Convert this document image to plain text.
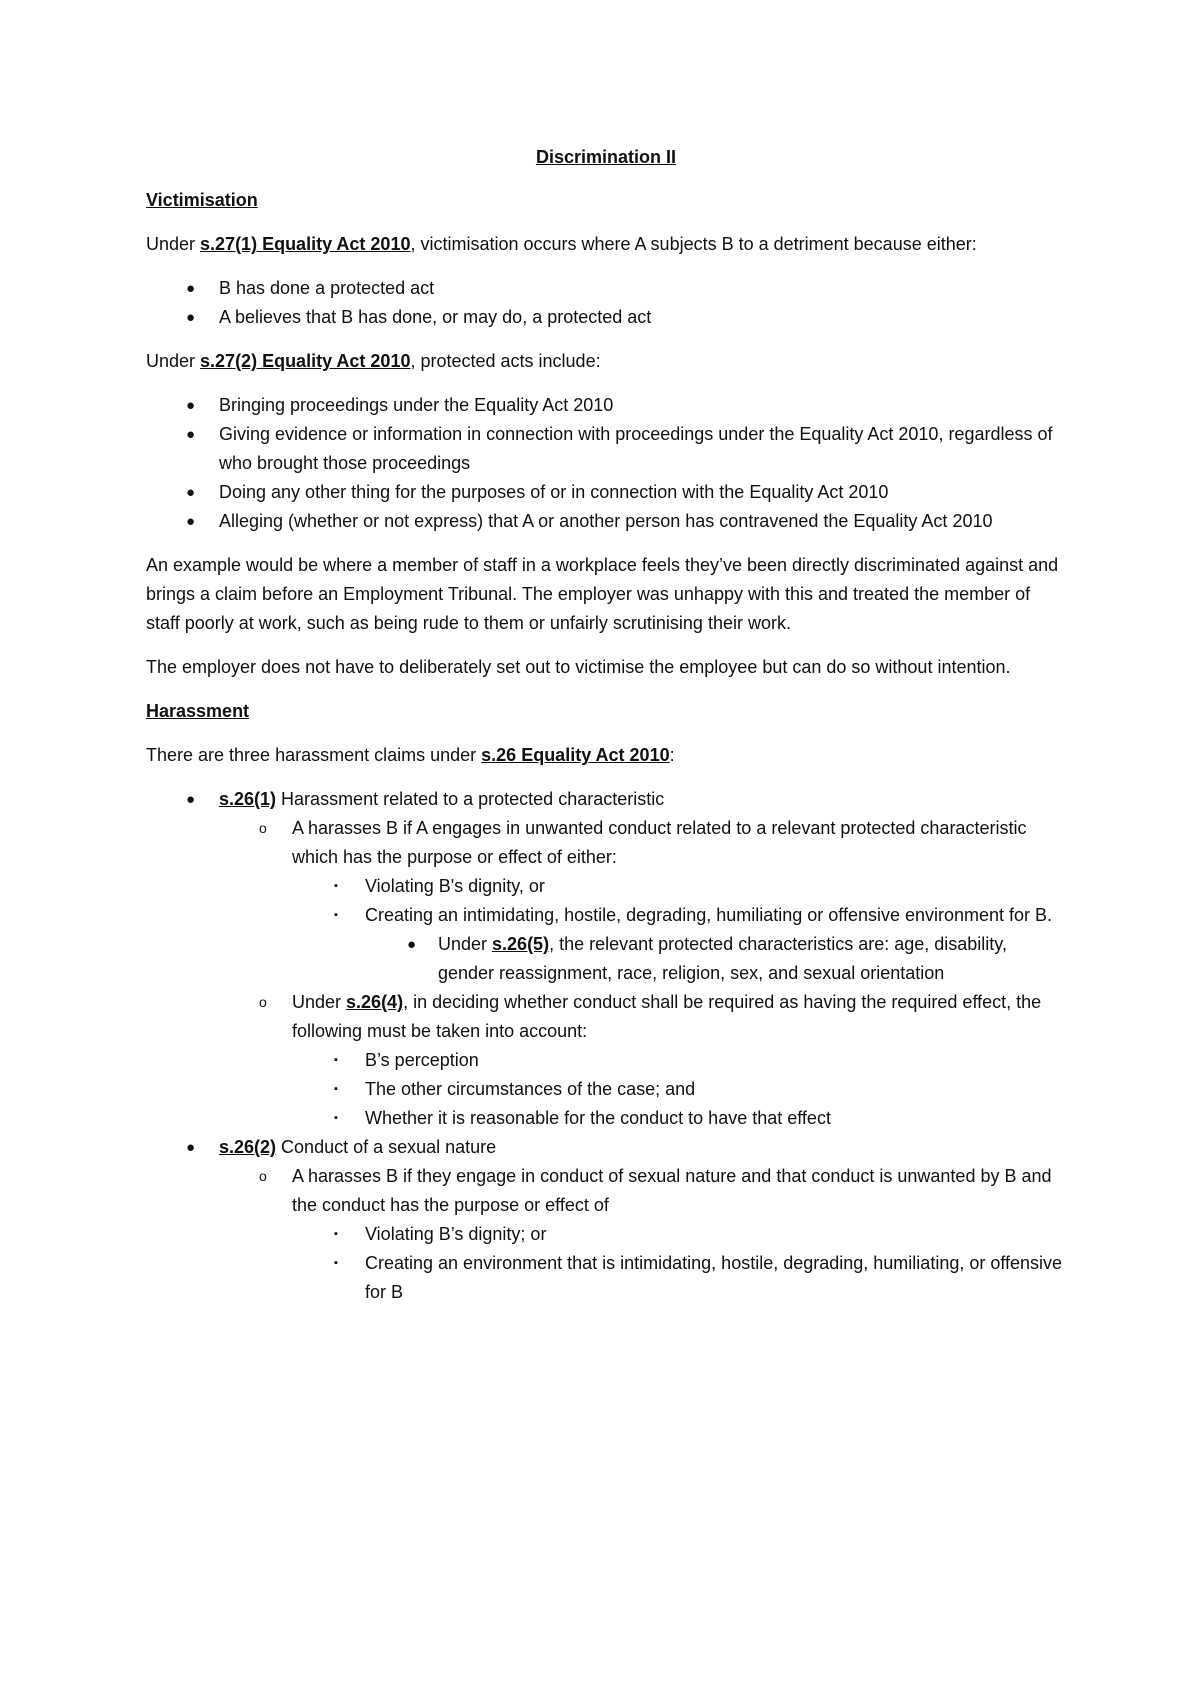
Discrimination II
Victimisation

Under s.27(1) Equality Act 2010, victimisation occurs where A subjects B to a detriment because either:

● B has done a protected act
● A believes that B has done, or may do, a protected act

Under s.27(2) Equality Act 2010, protected acts include:

● Bringing proceedings under the Equality Act 2010
● Giving evidence or information in connection with proceedings under the Equality Act 2010, regardless of who brought those proceedings
● Doing any other thing for the purposes of or in connection with the Equality Act 2010
● Alleging (whether or not express) that A or another person has contravened the Equality Act 2010

An example would be where a member of staff in a workplace feels they’ve been directly discriminated against and brings a claim before an Employment Tribunal. The employer was unhappy with this and treated the member of staff poorly at work, such as being rude to them or unfairly scrutinising their work.

The employer does not have to deliberately set out to victimise the employee but can do so without intention.

Harassment

There are three harassment claims under s.26 Equality Act 2010:

● s.26(1) Harassment related to a protected characteristic
o A harasses B if A engages in unwanted conduct related to a relevant protected characteristic which has the purpose or effect of either:
▪ Violating B's dignity, or
▪ Creating an intimidating, hostile, degrading, humiliating or offensive environment for B.
● Under s.26(5), the relevant protected characteristics are: age, disability, gender reassignment, race, religion, sex, and sexual orientation
o Under s.26(4), in deciding whether conduct shall be required as having the required effect, the following must be taken into account:
▪ B’s perception
▪ The other circumstances of the case; and
▪ Whether it is reasonable for the conduct to have that effect
● s.26(2) Conduct of a sexual nature
o A harasses B if they engage in conduct of sexual nature and that conduct is unwanted by B and the conduct has the purpose or effect of
▪ Violating B’s dignity; or
▪ Creating an environment that is intimidating, hostile, degrading, humiliating, or offensive for B
